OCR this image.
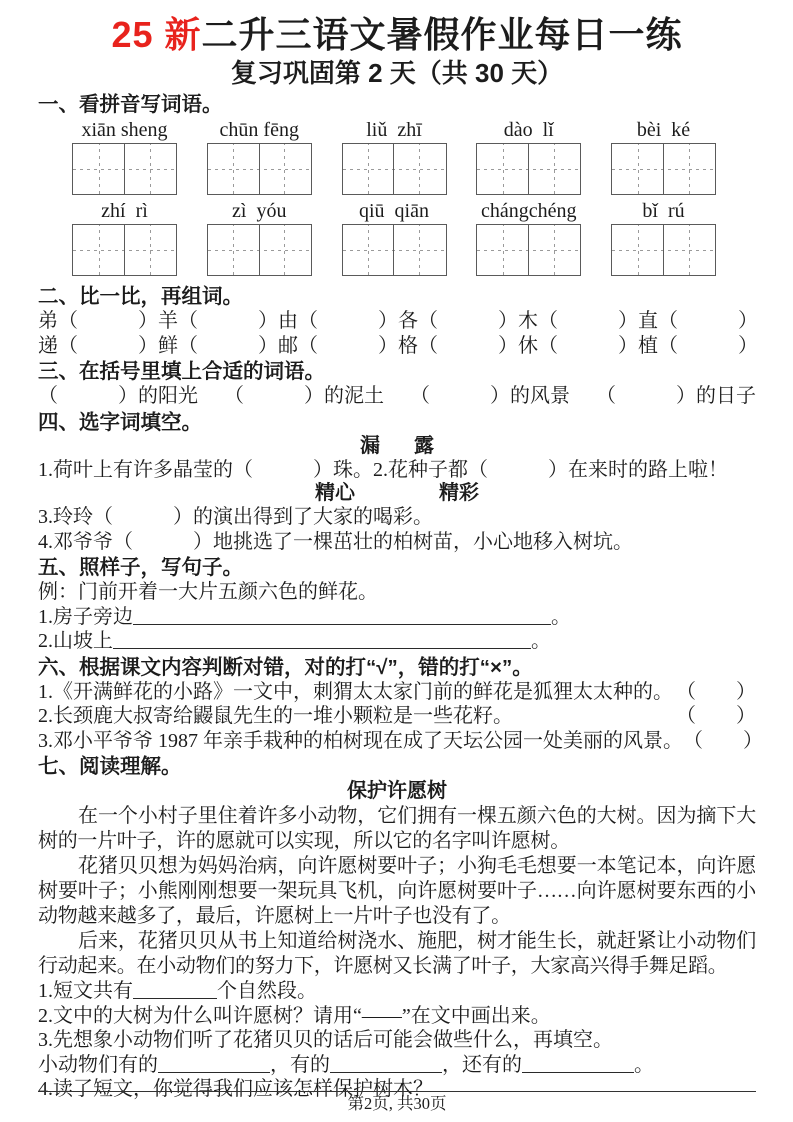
25 新二升三语文暑假作业每日一练
复习巩固第 2 天（共 30 天）
一、看拼音写词语。
xiān sheng	chūn fēng	liǔ  zhī	dào  lǐ	bèi  ké
zhí  rì	zì  yóu	qiū  qiān	chángchéng	bǐ  rú
二、比一比，再组词。
弟（　　　） 羊（　　　） 由（　　　） 各（　　　） 木（　　　） 直（　　　）
递（　　　） 鲜（　　　） 邮（　　　） 格（　　　） 休（　　　） 植（　　　）
三、在括号里填上合适的词语。
（　　　）的阳光 （　　　）的泥土 （　　　）的风景 （　　　）的日子
四、选字词填空。
漏 露
1.荷叶上有许多晶莹的（　　　）珠。2.花种子都（　　　）在来时的路上啦！
精心	精彩
3.玲玲（　　　）的演出得到了大家的喝彩。
4.邓爷爷（　　　）地挑选了一棵茁壮的柏树苗，小心地移入树坑。
五、照样子，写句子。
例：门前开着一大片五颜六色的鲜花。
1.房子旁边	。
2.山坡上	。
六、根据课文内容判断对错，对的打“√”，错的打“×”。
1.《开满鲜花的小路》一文中，刺猬太太家门前的鲜花是狐狸太太种的。 （　　）
2.长颈鹿大叔寄给鼹鼠先生的一堆小颗粒是一些花籽。	（　　）
3.邓小平爷爷 1987 年亲手栽种的柏树现在成了天坛公园一处美丽的风景。 （　　）
七、阅读理解。
保护许愿树

在一个小村子里住着许多小动物，它们拥有一棵五颜六色的大树。因为摘下大树的一片叶子，许的愿就可以实现，所以它的名字叫许愿树。

花猪贝贝想为妈妈治病，向许愿树要叶子；小狗毛毛想要一本笔记本，向许愿树要叶子；小熊刚刚想要一架玩具飞机，向许愿树要叶子……向许愿树要东西的小动物越来越多了，最后，许愿树上一片叶子也没有了。

后来，花猪贝贝从书上知道给树浇水、施肥，树才能生长，就赶紧让小动物们行动起来。在小动物们的努力下，许愿树又长满了叶子，大家高兴得手舞足蹈。

1.短文共有	个自然段。
2.文中的大树为什么叫许愿树？请用“——”在文中画出来。
3.先想象小动物们听了花猪贝贝的话后可能会做些什么，再填空。
小动物们有的	，有的	，还有的	。
4.读了短文，你觉得我们应该怎样保护树木？
第2页, 共30页
